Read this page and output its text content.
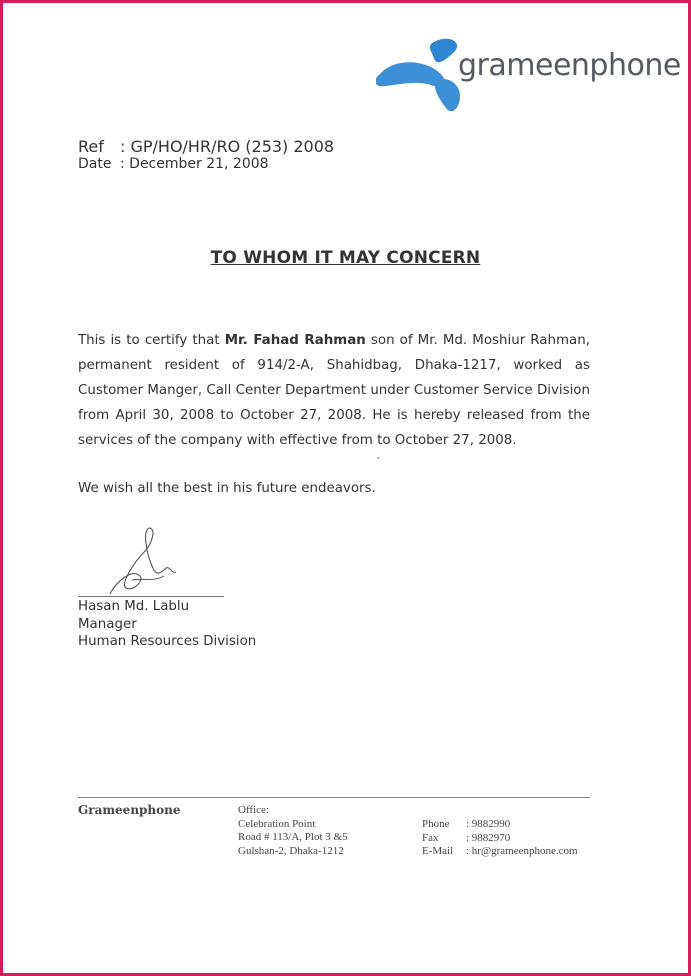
grameenphone
Ref	: GP/HO/HR/RO (253) 2008
Date : December 21, 2008
TO WHOM IT MAY CONCERN
This is to certify that Mr. Fahad Rahman son of Mr. Md. Moshiur Rahman, permanent resident of 914/2-A, Shahidbag, Dhaka-1217, worked as Customer Manger, Call Center Department under Customer Service Division from April 30, 2008 to October 27, 2008. He is hereby released from the services of the company with effective from to October 27, 2008.
We wish all the best in his future endeavors.
Hasan Md. Lablu
Manager
Human Resources Division
Grameenphone	Office:
Celebration Point
Road # 113/A, Plot 3 &5
Gulshan-2, Dhaka-1212
Phone	: 9882990
Fax	: 9882970
E-Mail	: hr@grameenphone.com
